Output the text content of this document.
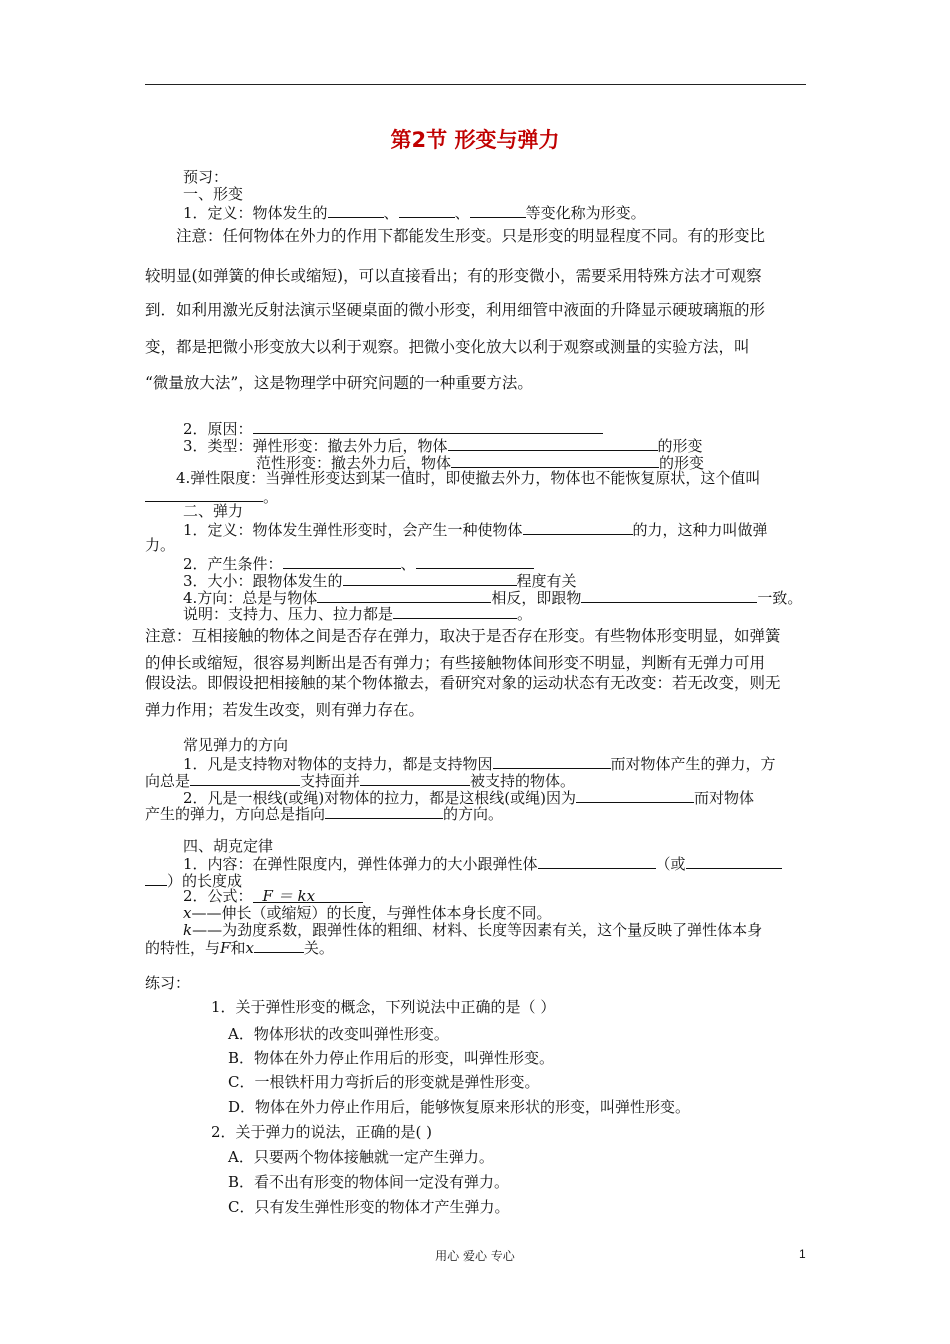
第2节 形变与弹力
预习：
一、形变
1．定义：物体发生的	、	、	等变化称为形变。
注意：任何物体在外力的作用下都能发生形变。只是形变的明显程度不同。有的形变比
较明显(如弹簧的伸长或缩短)，可以直接看出；有的形变微小，需要采用特殊方法才可观察
到．如利用激光反射法演示坚硬桌面的微小形变，利用细管中液面的升降显示硬玻璃瓶的形
变，都是把微小形变放大以利于观察。把微小变化放大以利于观察或测量的实验方法，叫
“微量放大法”，这是物理学中研究问题的一种重要方法。
2．原因：
3．类型：弹性形变：撤去外力后，物体	的形变
范性形变：撤去外力后，物体	的形变
4.弹性限度：当弹性形变达到某一值时，即使撤去外力，物体也不能恢复原状，这个值叫
。
二、弹力
1．定义：物体发生弹性形变时，会产生一种使物体	的力，这种力叫做弹
力。
2．产生条件：	、
3．大小：跟物体发生的	程度有关
4.方向：总是与物体	相反，即跟物	一致。
说明：支持力、压力、拉力都是	。
注意：互相接触的物体之间是否存在弹力，取决于是否存在形变。有些物体形变明显，如弹簧
的伸长或缩短，很容易判断出是否有弹力；有些接触物体间形变不明显，判断有无弹力可用
假设法。即假设把相接触的某个物体撤去，看研究对象的运动状态有无改变：若无改变，则无
弹力作用；若发生改变，则有弹力存在。
常见弹力的方向
1．凡是支持物对物体的支持力，都是支持物因	而对物体产生的弹力，方
向总是	支持面并	被支持的物体。
2．凡是一根线(或绳)对物体的拉力，都是这根线(或绳)因为	而对物体
产生的弹力，方向总是指向	的方向。
四、胡克定律
1．内容：在弹性限度内，弹性体弹力的大小跟弹性体	（或
）的长度成
2．公式： F ＝ kx
x——伸长（或缩短）的长度，与弹性体本身长度不同。
k——为劲度系数，跟弹性体的粗细、材料、长度等因素有关，这个量反映了弹性体本身
的特性，与F和x	关。
练习：
1．关于弹性形变的概念，下列说法中正确的是（ ）
A．物体形状的改变叫弹性形变。
B．物体在外力停止作用后的形变，叫弹性形变。
C．一根铁杆用力弯折后的形变就是弹性形变。
D．物体在外力停止作用后，能够恢复原来形状的形变，叫弹性形变。
2．关于弹力的说法，正确的是( )
A．只要两个物体接触就一定产生弹力。
B．看不出有形变的物体间一定没有弹力。
C．只有发生弹性形变的物体才产生弹力。
用心 爱心 专心	1
